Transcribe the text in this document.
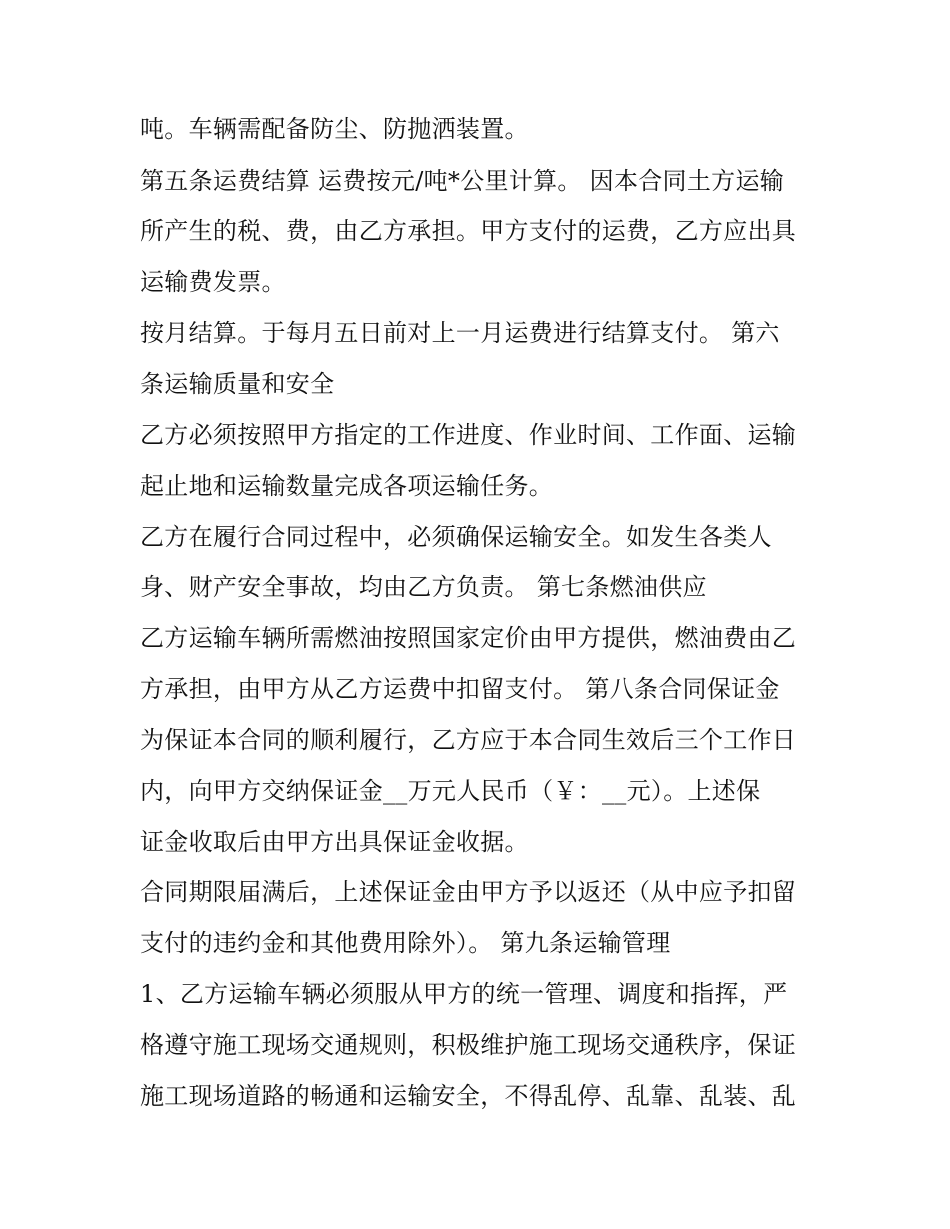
吨。车辆需配备防尘、防抛洒装置。
第五条运费结算 运费按元/吨*公里计算。 因本合同土方运输
所产生的税、费，由乙方承担。甲方支付的运费，乙方应出具
运输费发票。
按月结算。于每月五日前对上一月运费进行结算支付。 第六
条运输质量和安全
乙方必须按照甲方指定的工作进度、作业时间、工作面、运输
起止地和运输数量完成各项运输任务。
乙方在履行合同过程中，必须确保运输安全。如发生各类人
身、财产安全事故，均由乙方负责。 第七条燃油供应
乙方运输车辆所需燃油按照国家定价由甲方提供，燃油费由乙
方承担，由甲方从乙方运费中扣留支付。 第八条合同保证金
为保证本合同的顺利履行，乙方应于本合同生效后三个工作日
内，向甲方交纳保证金__万元人民币（￥：__元）。上述保
证金收取后由甲方出具保证金收据。
合同期限届满后，上述保证金由甲方予以返还（从中应予扣留
支付的违约金和其他费用除外）。 第九条运输管理
1、乙方运输车辆必须服从甲方的统一管理、调度和指挥，严
格遵守施工现场交通规则，积极维护施工现场交通秩序，保证
施工现场道路的畅通和运输安全，不得乱停、乱靠、乱装、乱
